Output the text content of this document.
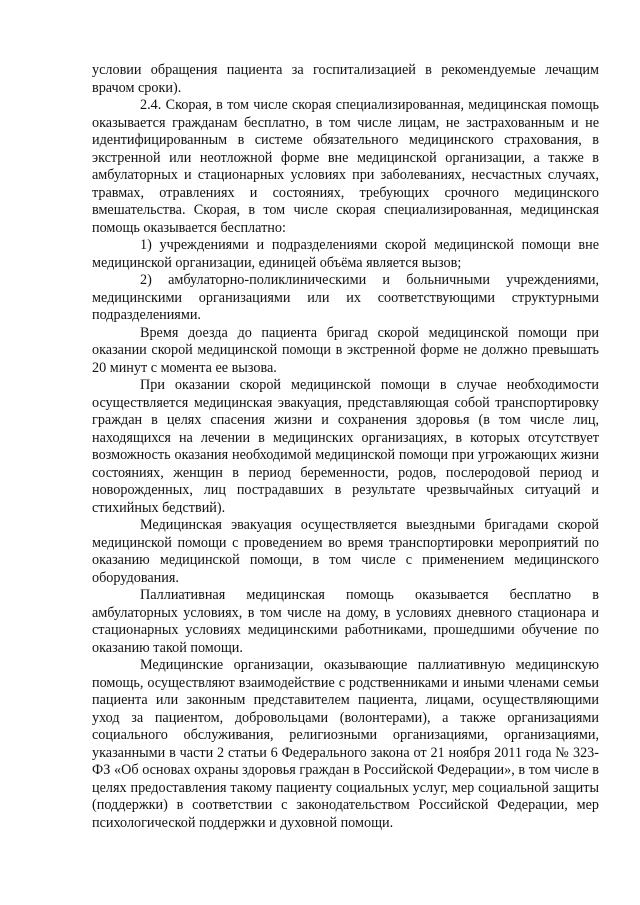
условии обращения пациента за госпитализацией в рекомендуемые лечащим врачом сроки).

2.4. Скорая, в том числе скорая специализированная, медицинская помощь оказывается гражданам бесплатно, в том числе лицам, не застрахованным и не идентифицированным в системе обязательного медицинского страхования, в экстренной или неотложной форме вне медицинской организации, а также в амбулаторных и стационарных условиях при заболеваниях, несчастных случаях, травмах, отравлениях и состояниях, требующих срочного медицинского вмешательства. Скорая, в том числе скорая специализированная, медицинская помощь оказывается бесплатно:

1) учреждениями и подразделениями скорой медицинской помощи вне медицинской организации, единицей объёма является вызов;

2) амбулаторно-поликлиническими и больничными учреждениями, медицинскими организациями или их соответствующими структурными подразделениями.

Время доезда до пациента бригад скорой медицинской помощи при оказании скорой медицинской помощи в экстренной форме не должно превышать 20 минут с момента ее вызова.

При оказании скорой медицинской помощи в случае необходимости осуществляется медицинская эвакуация, представляющая собой транспортировку граждан в целях спасения жизни и сохранения здоровья (в том числе лиц, находящихся на лечении в медицинских организациях, в которых отсутствует возможность оказания необходимой медицинской помощи при угрожающих жизни состояниях, женщин в период беременности, родов, послеродовой период и новорожденных, лиц пострадавших в результате чрезвычайных ситуаций и стихийных бедствий).

Медицинская эвакуация осуществляется выездными бригадами скорой медицинской помощи с проведением во время транспортировки мероприятий по оказанию медицинской помощи, в том числе с применением медицинского оборудования.

Паллиативная медицинская помощь оказывается бесплатно в амбулаторных условиях, в том числе на дому, в условиях дневного стационара и стационарных условиях медицинскими работниками, прошедшими обучение по оказанию такой помощи.

Медицинские организации, оказывающие паллиативную медицинскую помощь, осуществляют взаимодействие с родственниками и иными членами семьи пациента или законным представителем пациента, лицами, осуществляющими уход за пациентом, добровольцами (волонтерами), а также организациями социального обслуживания, религиозными организациями, организациями, указанными в части 2 статьи 6 Федерального закона от 21 ноября 2011 года № 323-ФЗ «Об основах охраны здоровья граждан в Российской Федерации», в том числе в целях предоставления такому пациенту социальных услуг, мер социальной защиты (поддержки) в соответствии с законодательством Российской Федерации, мер психологической поддержки и духовной помощи.
